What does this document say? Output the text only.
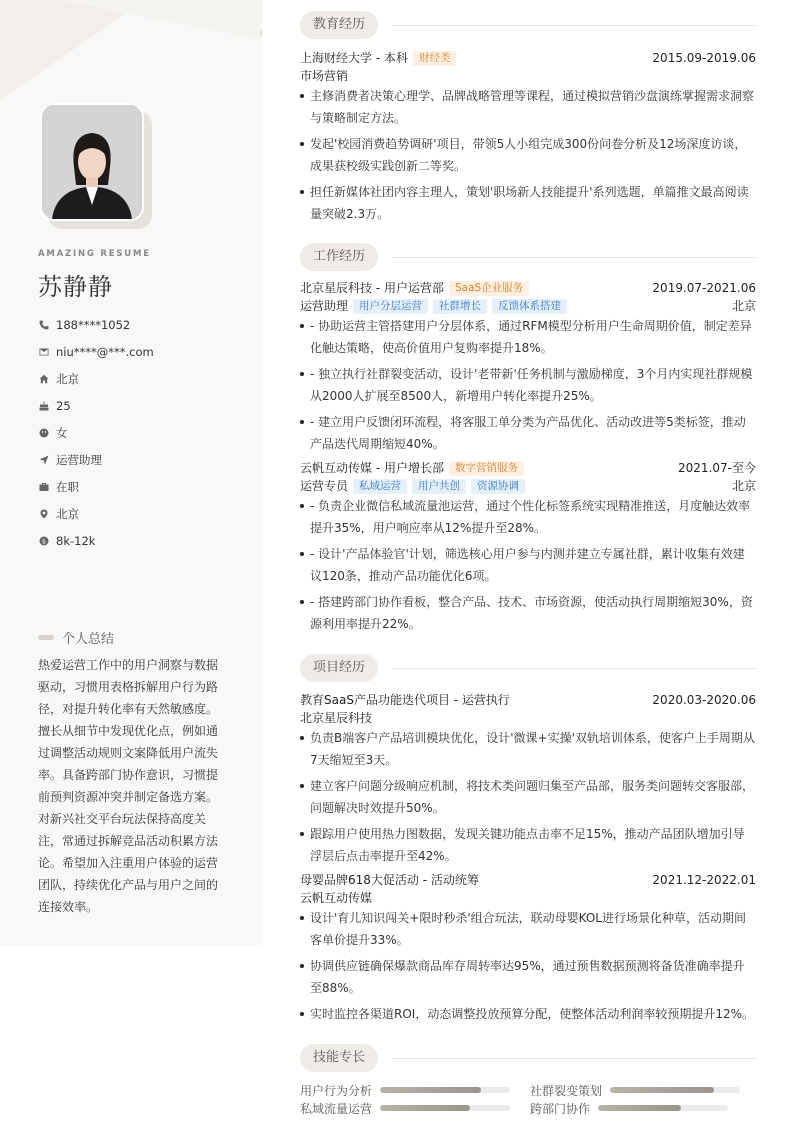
AMAZING RESUME
苏静静
188****1052
niu****@***.com
北京
25
女
运营助理
在职
北京
$ 8k-12k
个人总结
热爱运营工作中的用户洞察与数据驱动，习惯用表格拆解用户行为路径，对提升转化率有天然敏感度。擅长从细节中发现优化点，例如通过调整活动规则文案降低用户流失率。具备跨部门协作意识，习惯提前预判资源冲突并制定备选方案。对新兴社交平台玩法保持高度关注，常通过拆解竞品活动积累方法论。希望加入注重用户体验的运营团队，持续优化产品与用户之间的连接效率。
教育经历
上海财经大学 - 本科	财经类	2015.09-2019.06
市场营销
主修消费者决策心理学、品牌战略管理等课程，通过模拟营销沙盘演练掌握需求洞察与策略制定方法。
发起'校园消费趋势调研'项目，带领5人小组完成300份问卷分析及12场深度访谈，成果获校级实践创新二等奖。
担任新媒体社团内容主理人，策划'职场新人技能提升'系列选题，单篇推文最高阅读量突破2.3万。
工作经历
北京星辰科技 - 用户运营部	SaaS企业服务	2019.07-2021.06
运营助理	用户分层运营	社群增长	反馈体系搭建	北京
- 协助运营主管搭建用户分层体系，通过RFM模型分析用户生命周期价值，制定差异化触达策略，使高价值用户复购率提升18%。
- 独立执行社群裂变活动，设计'老带新'任务机制与激励梯度，3个月内实现社群规模从2000人扩展至8500人，新增用户转化率提升25%。
- 建立用户反馈闭环流程，将客服工单分类为产品优化、活动改进等5类标签，推动产品迭代周期缩短40%。
云帆互动传媒 - 用户增长部	数字营销服务	2021.07-至今
运营专员	私域运营	用户共创	资源协调	北京
- 负责企业微信私域流量池运营，通过个性化标签系统实现精准推送，月度触达效率提升35%，用户响应率从12%提升至28%。
- 设计'产品体验官'计划，筛选核心用户参与内测并建立专属社群，累计收集有效建议120条，推动产品功能优化6项。
- 搭建跨部门协作看板，整合产品、技术、市场资源，使活动执行周期缩短30%，资源利用率提升22%。
项目经历
教育SaaS产品功能迭代项目 - 运营执行	2020.03-2020.06
北京星辰科技
负责B端客户产品培训模块优化，设计'微课+实操'双轨培训体系，使客户上手周期从7天缩短至3天。
建立客户问题分级响应机制，将技术类问题归集至产品部，服务类问题转交客服部，问题解决时效提升50%。
跟踪用户使用热力图数据，发现关键功能点击率不足15%，推动产品团队增加引导浮层后点击率提升至42%。
母婴品牌618大促活动 - 活动统筹	2021.12-2022.01
云帆互动传媒
设计'育儿知识闯关+限时秒杀'组合玩法，联动母婴KOL进行场景化种草，活动期间客单价提升33%。
协调供应链确保爆款商品库存周转率达95%，通过预售数据预测将备货准确率提升至88%。
实时监控各渠道ROI，动态调整投放预算分配，使整体活动利润率较预期提升12%。
技能专长
用户行为分析	社群裂变策划
私域流量运营	跨部门协作
